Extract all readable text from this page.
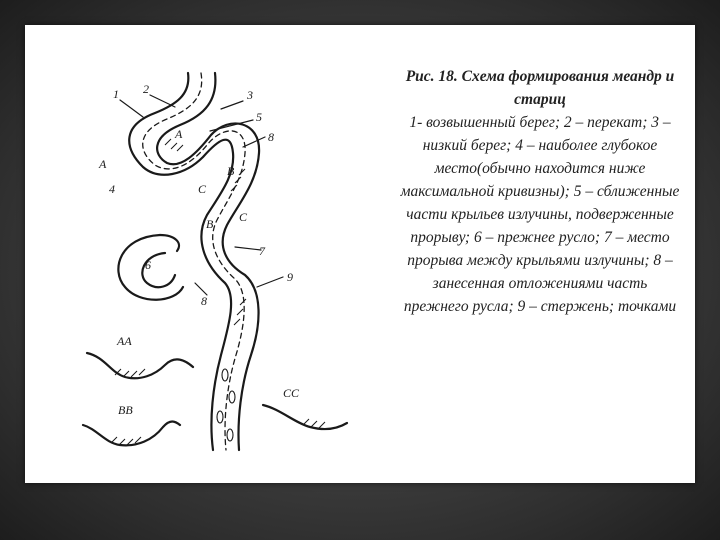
1 2	3
4
5
6
7
8
8
9
А
А
В
С
С
В
АА
ВВ
СС
Рис. 18. Схема формирования меандр и стариц
1- возвышенный берег; 2 – перекат; 3 – низкий берег; 4 – наиболее глубокое место(обычно находится ниже максимальной кривизны); 5 – сближенные части крыльев излучины, подверженные прорыву; 6 – прежнее русло; 7 – место прорыва между крыльями излучины; 8 – занесенная отложениями часть прежнего русла; 9 – стержень; точками
